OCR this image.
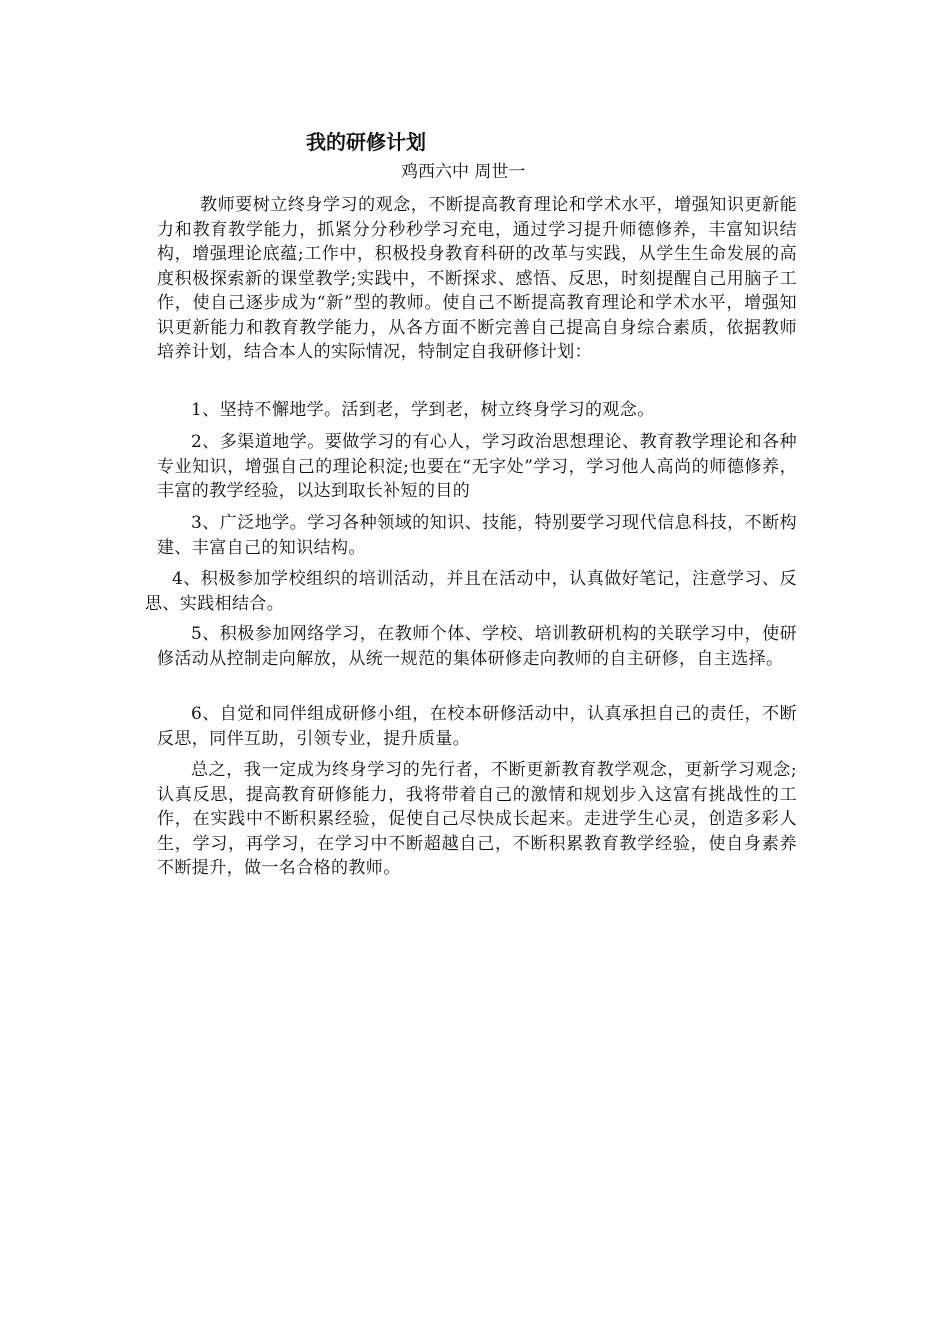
我的研修计划

鸡西六中 周世一

教师要树立终身学习的观念，不断提高教育理论和学术水平，增强知识更新能力和教育教学能力，抓紧分分秒秒学习充电，通过学习提升师德修养，丰富知识结构，增强理论底蕴;工作中，积极投身教育科研的改革与实践，从学生生命发展的高度积极探索新的课堂教学;实践中，不断探求、感悟、反思，时刻提醒自己用脑子工作，使自己逐步成为“新”型的教师。使自己不断提高教育理论和学术水平，增强知识更新能力和教育教学能力，从各方面不断完善自己提高自身综合素质，依据教师培养计划，结合本人的实际情况，特制定自我研修计划：

1、坚持不懈地学。活到老，学到老，树立终身学习的观念。

2、多渠道地学。要做学习的有心人，学习政治思想理论、教育教学理论和各种专业知识，增强自己的理论积淀;也要在“无字处”学习，学习他人高尚的师德修养，丰富的教学经验，以达到取长补短的目的

3、广泛地学。学习各种领域的知识、技能，特别要学习现代信息科技，不断构建、丰富自己的知识结构。

4、积极参加学校组织的培训活动，并且在活动中，认真做好笔记，注意学习、反思、实践相结合。

5、积极参加网络学习，在教师个体、学校、培训教研机构的关联学习中，使研修活动从控制走向解放，从统一规范的集体研修走向教师的自主研修，自主选择。

6、自觉和同伴组成研修小组，在校本研修活动中，认真承担自己的责任，不断反思，同伴互助，引领专业，提升质量。

总之，我一定成为终身学习的先行者，不断更新教育教学观念，更新学习观念;认真反思，提高教育研修能力，我将带着自己的激情和规划步入这富有挑战性的工作，在实践中不断积累经验，促使自己尽快成长起来。走进学生心灵，创造多彩人生，学习，再学习，在学习中不断超越自己，不断积累教育教学经验，使自身素养不断提升，做一名合格的教师。
